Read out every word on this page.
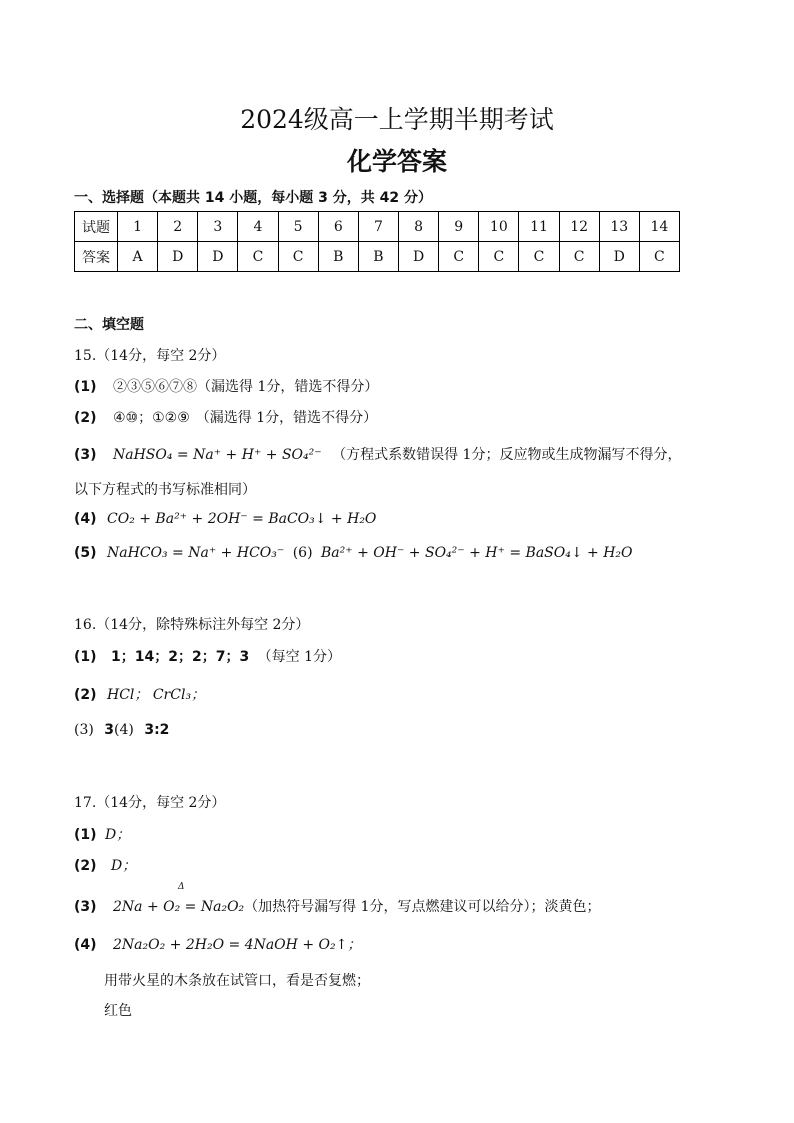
2024级高一上学期半期考试
化学答案
一、选择题（本题共 14 小题，每小题 3 分，共 42 分）
试题	1	2	3	4	5	6	7	8	9	10	11	12	13	14
答案	A	D	D	C	C	B	B	D	C	C	C	C	D	C
二、填空题
15.（14分，每空 2分）
(1) ②③⑤⑥⑦⑧（漏选得 1分，错选不得分）
(2) ④⑩；①②⑨ （漏选得 1分，错选不得分）
(3) NaHSO₄ = Na⁺ + H⁺ + SO₄²⁻ （方程式系数错误得 1分；反应物或生成物漏写不得分，
以下方程式的书写标准相同）
(4) CO₂ + Ba²⁺ + 2OH⁻ = BaCO₃↓ + H₂O
(5) NaHCO₃ = Na⁺ + HCO₃⁻ (6) Ba²⁺ + OH⁻ + SO₄²⁻ + H⁺ = BaSO₄↓ + H₂O
16.（14分，除特殊标注外每空 2分）
(1) 1；14；2；2；7；3 （每空 1分）
(2) HCl； CrCl₃；
(3) 3(4) 3:2
17.（14分，每空 2分）
(1) D；
(2) D；
Δ
(3) 2Na + O₂ = Na₂O₂（加热符号漏写得 1分，写点燃建议可以给分）；淡黄色；
(4) 2Na₂O₂ + 2H₂O = 4NaOH + O₂↑；
用带火星的木条放在试管口，看是否复燃；
红色
